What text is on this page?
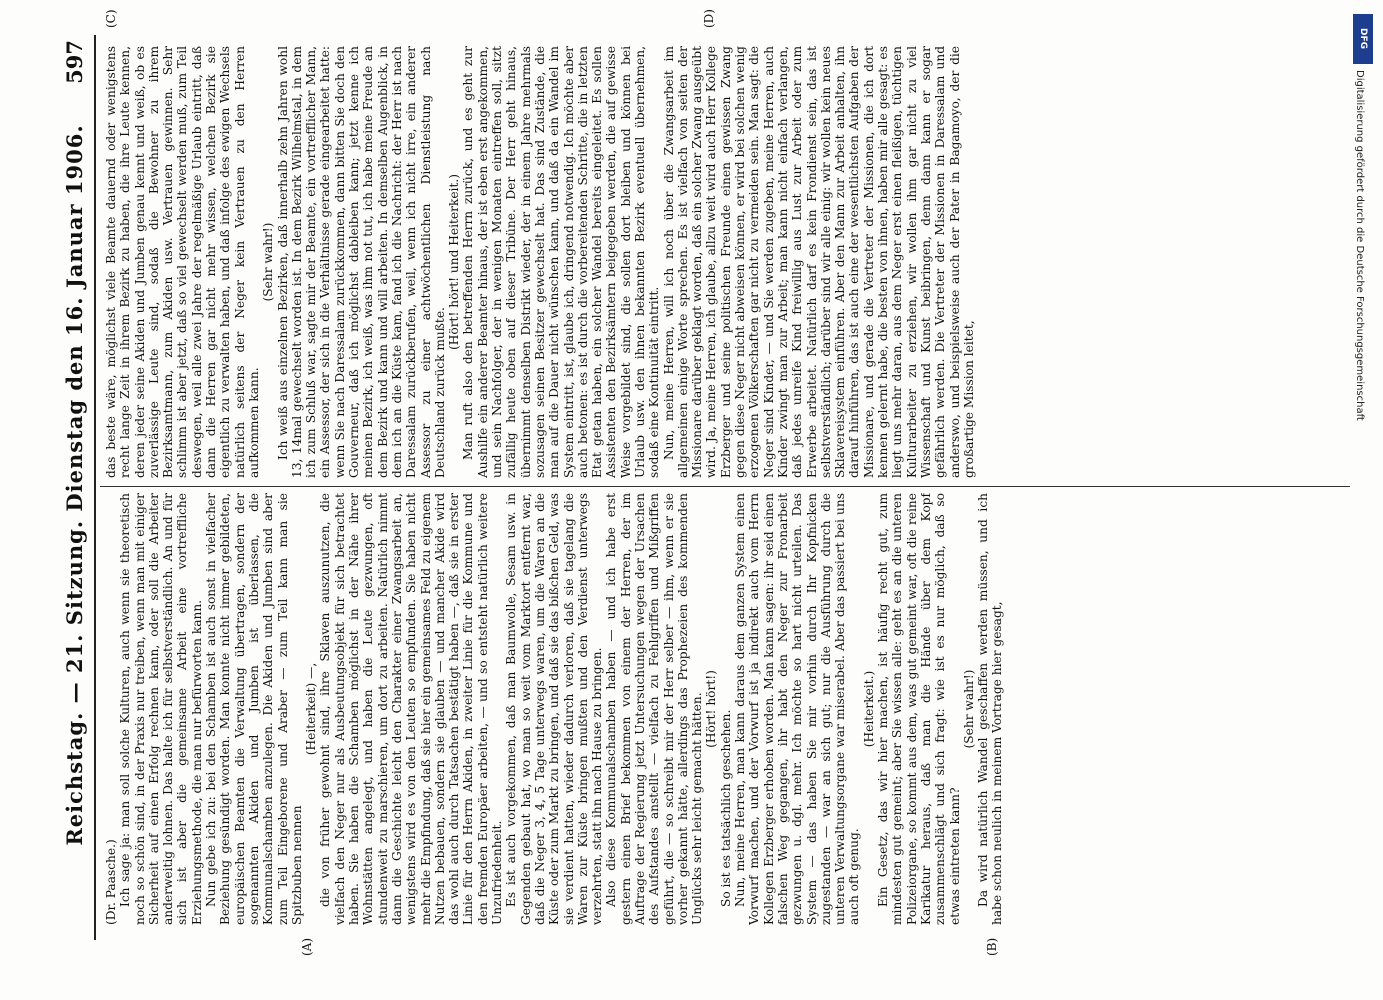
Reichstag. — 21. Sitzung. Dienstag den 16. Januar 1906.
597
(A)	(B)
(C)	(D)

(Dr. Paasche.) Ich sage ja: man soll solche Kulturen, auch wenn sie theoretisch noch so schön sind, in der Praxis nur treiben, wenn man mit einiger Sicherheit auf einen Erfolg rechnen kann, oder soll die Arbeiter anderweitig lohnen. Das halte ich für selbstverständlich. An und für sich ist aber die gemeinsame Arbeit eine vortreffliche Erziehungsmethode, die man nur befürworten kann. Nun gebe ich zu: bei den Schamben ist auch sonst in vielfacher Beziehung gesündigt worden. Man konnte nicht immer gebildeten, europäischen Beamten die Verwaltung übertragen, sondern der sogenannten Akiden und Jumben ist überlassen, die Kommunalschamben anzulegen. Die Akiden und Jumben sind aber zum Teil Eingeborene und Araber — zum Teil kann man sie Spitzbuben nennen

(Heiterkeit) —, die von früher gewohnt sind, ihre Sklaven auszunutzen, die vielfach den Neger nur als Ausbeutungsobjekt für sich betrachtet haben. Sie haben die Schamben möglichst in der Nähe ihrer Wohnstätten angelegt, und haben die Leute gezwungen, oft stundenweit zu marschieren, um dort zu arbeiten. Natürlich nimmt dann die Geschichte leicht den Charakter einer Zwangsarbeit an, wenigstens wird es von den Leuten so empfunden. Sie haben nicht mehr die Empfindung, daß sie hier ein gemeinsames Feld zu eigenem Nutzen bebauen, sondern sie glauben — und mancher Akide wird das wohl auch durch Tatsachen bestätigt haben —, daß sie in erster Linie für den Herrn Akiden, in zweiter Linie für die Kommune und den fremden Europäer arbeiten, — und so entsteht natürlich weitere Unzufriedenheit. Es ist auch vorgekommen, daß man Baumwolle, Sesam usw. in Gegenden gebaut hat, wo man so weit vom Marktort entfernt war, daß die Neger 3, 4, 5 Tage unterwegs waren, um die Waren an die Küste oder zum Markt zu bringen, und daß sie das bißchen Geld, was sie verdient hatten, wieder dadurch verloren, daß sie tagelang die Waren zur Küste bringen mußten und den Verdienst unterwegs verzehrten, statt ihn nach Hause zu bringen. Also diese Kommunalschamben haben — und ich habe erst gestern einen Brief bekommen von einem der Herren, der im Auftrage der Regierung jetzt Untersuchungen wegen der Ursachen des Aufstandes anstellt — vielfach zu Fehlgriffen und Mißgriffen geführt, die — so schreibt mir der Herr selber — ihm, wenn er sie vorher gekannt hätte, allerdings das Prophezeien des kommenden Unglücks sehr leicht gemacht hätten. (Hört! hört!)

So ist es tatsächlich geschehen. Nun, meine Herren, man kann daraus dem ganzen System einen Vorwurf machen, und der Vorwurf ist ja indirekt auch vom Herrn Kollegen Erzberger erhoben worden. Man kann sagen: ihr seid einen falschen Weg gegangen, ihr habt den Neger zur Fronarbeit gezwungen u. dgl. mehr. Ich möchte so hart nicht urteilen. Das System — das haben Sie mir vorhin durch Ihr Kopfnicken zugestanden — war an sich gut; nur die Ausführung durch die unteren Verwaltungsorgane war miserabel. Aber das passiert bei uns auch oft genug.

(Heiterkeit.) Ein Gesetz, das wir hier machen, ist häufig recht gut, zum mindesten gut gemeint; aber Sie wissen alle: geht es an die unteren Polizeiorgane, so kommt aus dem, was gut gemeint war, oft die reine Karikatur heraus, daß man die Hände über dem Kopf zusammenschlägt und sich fragt: wie ist es nur möglich, daß so etwas eintreten kann?

(Sehr wahr!) Da wird natürlich Wandel geschaffen werden müssen, und ich habe schon neulich in meinem Vortrage hier gesagt,

das beste wäre, möglichst viele Beamte dauernd oder wenigstens recht lange Zeit in ihrem Bezirk zu haben, die ihre Leute kennen, deren jeder seine Akiden und Jumben genau kennt und weiß, ob es zuverlässige Leute sind, sodaß die Bewohner zu ihrem Bezirksamtmann, zum Akiden usw. Vertrauen gewinnen. Sehr schlimm ist aber jetzt, daß so viel gewechselt werden muß, zum Teil deswegen, weil alle zwei Jahre der regelmäßige Urlaub eintritt, daß dann die Herren gar nicht mehr wissen, welchen Bezirk sie eigentlich zu verwalten haben, und daß infolge des ewigen Wechsels natürlich seitens der Neger kein Vertrauen zu den Herren aufkommen kann.

(Sehr wahr!) Ich weiß aus einzelnen Bezirken, daß innerhalb zehn Jahren wohl 13, 14mal gewechselt worden ist. In dem Bezirk Wilhelmstal, in dem ich zum Schluß war, sagte mir der Beamte, ein vortrefflicher Mann, ein Assessor, der sich in die Verhältnisse gerade eingearbeitet hatte: wenn Sie nach Daressalam zurückkommen, dann bitten Sie doch den Gouverneur, daß ich möglichst dableiben kann; jetzt kenne ich meinen Bezirk, ich weiß, was ihm not tut, ich habe meine Freude an dem Bezirk und kann und will arbeiten. In demselben Augenblick, in dem ich an die Küste kam, fand ich die Nachricht: der Herr ist nach Daressalam zurückberufen, weil, wenn ich nicht irre, ein anderer Assessor zu einer achtwöchentlichen Dienstleistung nach Deutschland zurück mußte.

(Hört! hört! und Heiterkeit.) Man ruft also den betreffenden Herrn zurück, und es geht zur Aushilfe ein anderer Beamter hinaus, der ist eben erst angekommen, und sein Nachfolger, der in wenigen Monaten eintreffen soll, sitzt zufällig heute oben auf dieser Tribüne. Der Herr geht hinaus, übernimmt denselben Distrikt wieder, der in einem Jahre mehrmals sozusagen seinen Besitzer gewechselt hat. Das sind Zustände, die man auf die Dauer nicht wünschen kann, und daß da ein Wandel im System eintritt, ist, glaube ich, dringend notwendig. Ich möchte aber auch betonen: es ist durch die vorbereitenden Schritte, die in letzten Etat getan haben, ein solcher Wandel bereits eingeleitet. Es sollen Assistenten den Bezirksämtern beigegeben werden, die auf gewisse Weise vorgebildet sind, die sollen dort bleiben und können bei Urlaub usw. den ihnen bekannten Bezirk eventuell übernehmen, sodaß eine Kontinuität eintritt. Nun, meine Herren, will ich noch über die Zwangsarbeit im allgemeinen einige Worte sprechen. Es ist vielfach von seiten der Missionare darüber geklagt worden, daß ein solcher Zwang ausgeübt wird. Ja, meine Herren, ich glaube, allzu weit wird auch Herr Kollege Erzberger und seine politischen Freunde einen gewissen Zwang gegen diese Neger nicht abweisen können, er wird bei solchen wenig erzogenen Völkerschaften gar nicht zu vermeiden sein. Man sagt: die Neger sind Kinder, — und Sie werden zugeben, meine Herren, auch Kinder zwingt man zur Arbeit; man kann nicht einfach verlangen, daß jedes unreife Kind freiwillig aus Lust zur Arbeit oder zum Erwerbe arbeitet. Natürlich darf es kein Frondienst sein, das ist selbstverständlich; darüber sind wir alle einig: wir wollen kein neues Sklavereisystem einführen. Aber den Mann zur Arbeit anhalten, ihn darauf hinführen, das ist auch eine der wesentlichsten Aufgaben der Missionare, und gerade die Vertreter der Missionen, die ich dort kennen gelernt habe, die besten von ihnen, haben mir alle gesagt: es liegt uns mehr daran, aus dem Neger erst einen fleißigen, tüchtigen Kulturarbeiter zu erziehen, wir wollen ihm gar nicht zu viel Wissenschaft und Kunst beibringen, denn dann kann er sogar gefährlich werden. Die Vertreter der Missionen in Daressalam und anderswo, und beispielsweise auch der Pater in Bagamoyo, der die großartige Mission leitet,

DFG
Digitalisierung gefördert durch die Deutsche Forschungsgemeinschaft
